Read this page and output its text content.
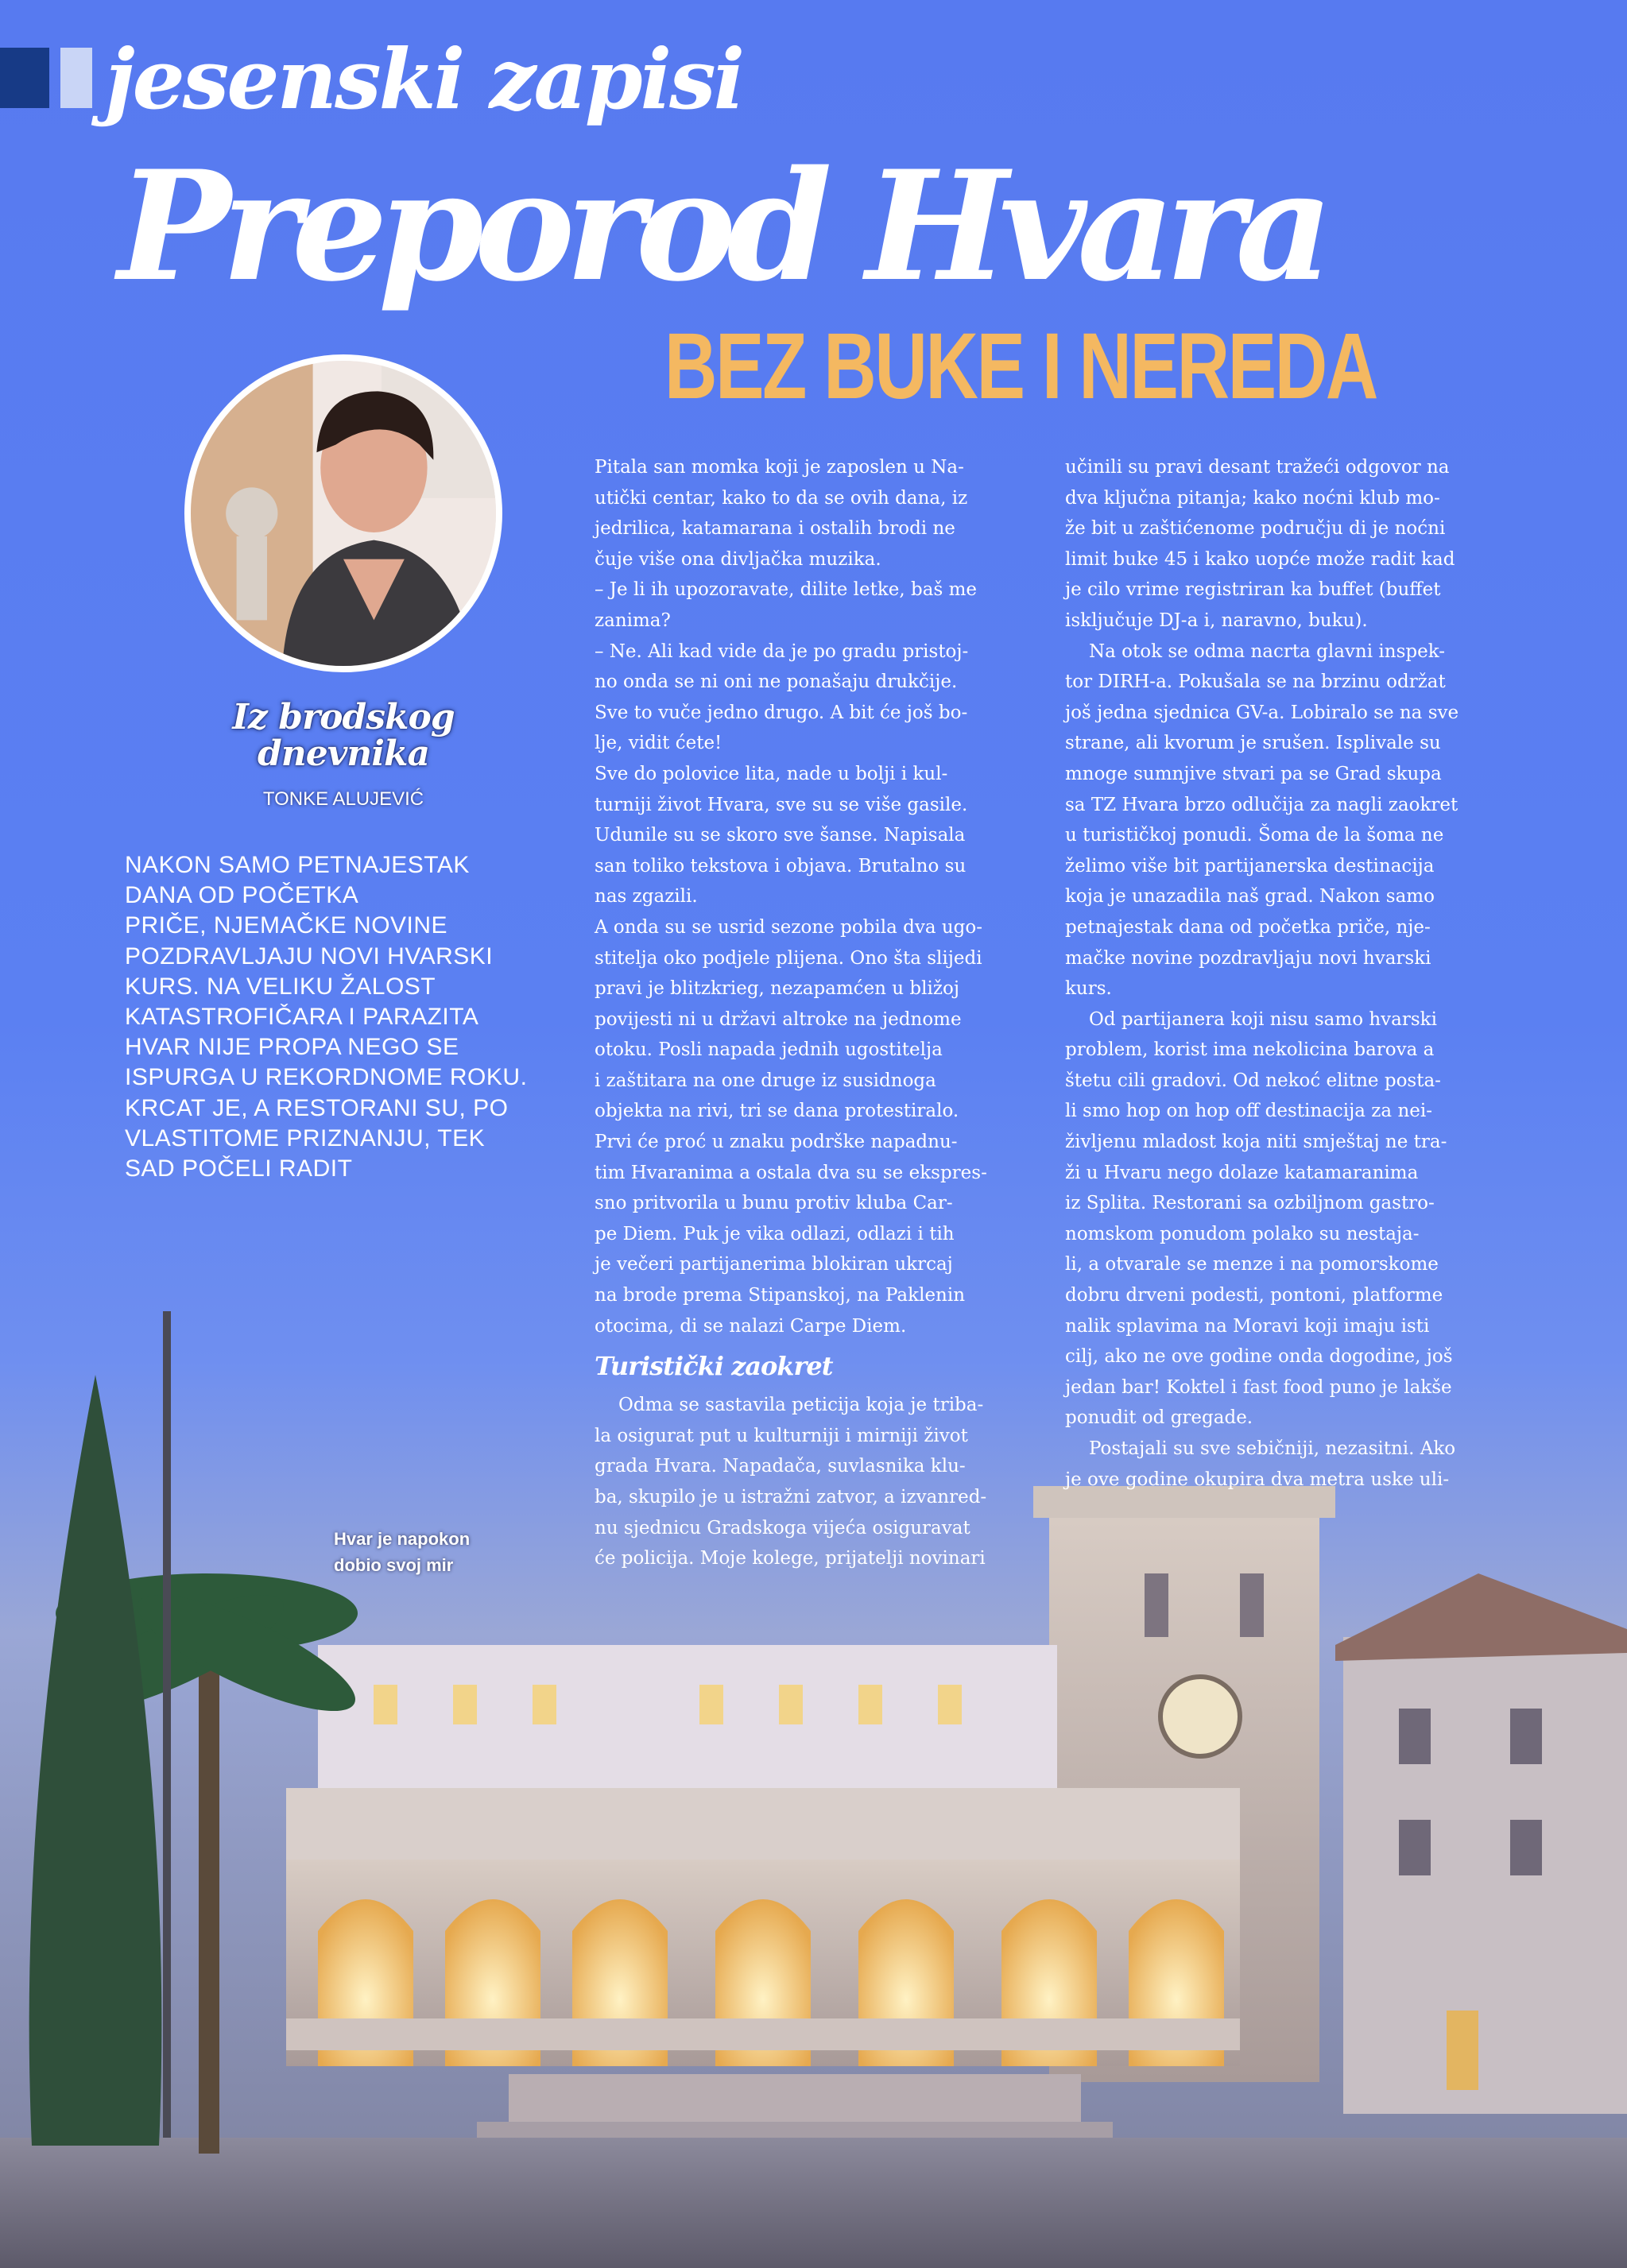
jesenski zapisi
Preporod Hvara
BEZ BUKE I NEREDA
Iz brodskog
dnevnika
TONKE ALUJEVIĆ

NAKON SAMO PETNAJESTAK

DANA OD POČETKA

PRIČE, NJEMAČKE NOVINE

POZDRAVLJAJU NOVI HVARSKI

KURS. NA VELIKU ŽALOST

KATASTROFIČARA I PARAZITA

HVAR NIJE PROPA NEGO SE

ISPURGA U REKORDNOME ROKU.

KRCAT JE, A RESTORANI SU, PO

VLASTITOME PRIZNANJU, TEK

SAD POČELI RADIT

Hvar je napokon

dobio svoj mir

Pitala san momka koji je zaposlen u Na-

utički centar, kako to da se ovih dana, iz

jedrilica, katamarana i ostalih brodi ne

čuje više ona divljačka muzika.

– Je li ih upozoravate, dilite letke, baš me

zanima?

– Ne. Ali kad vide da je po gradu pristoj-

no onda se ni oni ne ponašaju drukčije.

Sve to vuče jedno drugo. A bit će još bo-

lje, vidit ćete!

Sve do polovice lita, nade u bolji i kul-

turniji život Hvara, sve su se više gasile.

Udunile su se skoro sve šanse. Napisala

san toliko tekstova i objava. Brutalno su

nas zgazili.

A onda su se usrid sezone pobila dva ugo-

stitelja oko podjele plijena. Ono šta slijedi

pravi je blitzkrieg, nezapamćen u bližoj

povijesti ni u državi altroke na jednome

otoku. Posli napada jednih ugostitelja

i zaštitara na one druge iz susidnoga

objekta na rivi, tri se dana protestiralo.

Prvi će proć u znaku podrške napadnu-

tim Hvaranima a ostala dva su se ekspres-

sno pritvorila u bunu protiv kluba Car-

pe Diem. Puk je vika odlazi, odlazi i tih

je večeri partijanerima blokiran ukrcaj

na brode prema Stipanskoj, na Paklenin

otocima, di se nalazi Carpe Diem.

Turistički zaokret

Odma se sastavila peticija koja je triba-

la osigurat put u kulturniji i mirniji život

grada Hvara. Napadača, suvlasnika klu-

ba, skupilo je u istražni zatvor, a izvanred-

nu sjednicu Gradskoga vijeća osiguravat

će policija. Moje kolege, prijatelji novinari

učinili su pravi desant tražeći odgovor na

dva ključna pitanja; kako noćni klub mo-

že bit u zaštićenome području di je noćni

limit buke 45 i kako uopće može radit kad

je cilo vrime registriran ka buffet (buffet

isključuje DJ-a i, naravno, buku).

Na otok se odma nacrta glavni inspek-

tor DIRH-a. Pokušala se na brzinu održat

još jedna sjednica GV-a. Lobiralo se na sve

strane, ali kvorum je srušen. Isplivale su

mnoge sumnjive stvari pa se Grad skupa

sa TZ Hvara brzo odlučija za nagli zaokret

u turističkoj ponudi. Šoma de la šoma ne

želimo više bit partijanerska destinacija

koja je unazadila naš grad. Nakon samo

petnajestak dana od početka priče, nje-

mačke novine pozdravljaju novi hvarski

kurs.

Od partijanera koji nisu samo hvarski

problem, korist ima nekolicina barova a

štetu cili gradovi. Od nekoć elitne posta-

li smo hop on hop off destinacija za nei-

življenu mladost koja niti smještaj ne tra-

ži u Hvaru nego dolaze katamaranima

iz Splita. Restorani sa ozbiljnom gastro-

nomskom ponudom polako su nestaja-

li, a otvarale se menze i na pomorskome

dobru drveni podesti, pontoni, platforme

nalik splavima na Moravi koji imaju isti

cilj, ako ne ove godine onda dogodine, još

jedan bar! Koktel i fast food puno je lakše

ponudit od gregade.

Postajali su sve sebičniji, nezasitni. Ako

je ove godine okupira dva metra uske uli-
